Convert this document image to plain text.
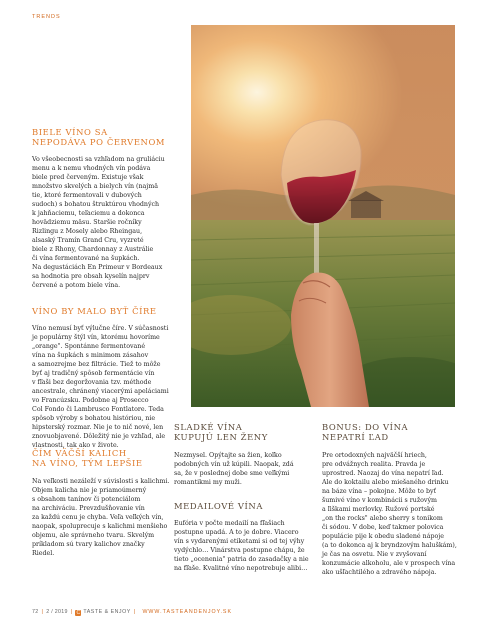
TRENDS
BIELE VÍNO SA
NEPODÁVA PO ČERVENOM
Vo všeobecnosti sa vzhľadom na gruliáciu
menu a k nemu vhodných vín podáva
biele pred červeným. Existuje však
množstvo skvelých a bielych vín (najmä
tie, ktoré fermentovali v dubových
sudoch) s bohatou štruktúrou vhodných
k jahňaciemu, teľaciemu a dokonca
hovädziemu mäsu. Staršie ročníky
Rizlingu z Mosely alebo Rheingau,
alsaský Tramín Grand Cru, vyzreté
biele z Rhony, Chardonnay z Austrálie
či vína fermentované na šupkách.
Na degustáciách En Primeur v Bordeaux
sa hodnotia pre obsah kyselín najprv
červené a potom biele vína.
VÍNO BY MALO BYŤ ČÍRE
Víno nemusí byť výlučne číre. V súčasnosti
je populárny štýl vín, ktorému hovoríme
„orange". Spontánne fermentované
vína na šupkách s minimom zásahov
a samozrejme bez filtrácie. Tiež to môže
byť aj tradičný spôsob fermentácie vín
v fľaši bez degoržovania tzv. méthode
ancestrale, chránený viacerými apeláciami
vo Francúzsku. Podobne aj Prosecco
Col Fondo či Lambrusco Fontlatore. Teda
spôsob výroby s bohatou históriou, nie
hipsterský rozmar. Nie je to nič nové, len
znovuobjavené. Dôležitý nie je vzhľad, ale
vlastnosti, tak ako v živote.
ČÍM VÄČŠÍ KALICH
NA VÍNO, TÝM LEPŠIE
Na veľkosti nezáleží v súvislosti s kalichmi.
Objem kalicha nie je priamoúmerný
s obsahom tanínov či potenciálom
na archiváciu. Prevzdušňovanie vín
za každú cenu je chyba. Veľa veľkých vín,
naopak, spoluprecuje s kalichmi menšieho
objemu, ale správneho tvaru. Skvelým
príkladom sú tvary kalichov značky
Riedel.
SLADKÉ VÍNA
KUPUJÚ LEN ŽENY
Nezmysel. Opýtajte sa žien, koľko
podobných vín už kúpili. Naopak, zdá
sa, že v poslednej dobe sme veľkými
romantikmi my muži.
MEDAILOVÉ VÍNA
Eufória v počte medailí na fľašiach
postupne upadá. A to je dobre. Viacero
vín s vydarenými etiketami si od tej výhy
vydýchlo… Vinárstva postupne chápu, že
tieto „ocenenia" patria do zasadačky a nie
na fľaše. Kvalitné víno nepotrebuje alibi…
BONUS: DO VÍNA
NEPATRÍ ĽAD
Pre ortodoxných najväčší hriech,
pre odvážnych realita. Pravda je
uprostred. Naozaj do vína nepatrí ľad.
Ale do koktailu alebo miešaného drinku
na báze vína – pokojne. Môže to byť
šumivé víno v kombinácii s ružovým
a ľiškami merlovky. Ružové portské
„on the rocks" alebo sherry s tonikom
či sódou. V dobe, keď takmer polovica
populácie pije k obedu sladené nápoje
(a to dokonca aj k bryndzovým haluškám),
je čas na osvetu. Nie v zvyšovaní
konzumácie alkoholu, ale v prospech vína
ako ušľachtilého a zdravého nápoja.
72 | 2 / 2019 | C TASTE & ENJOY | WWW.TASTEANDENJOY.SK
